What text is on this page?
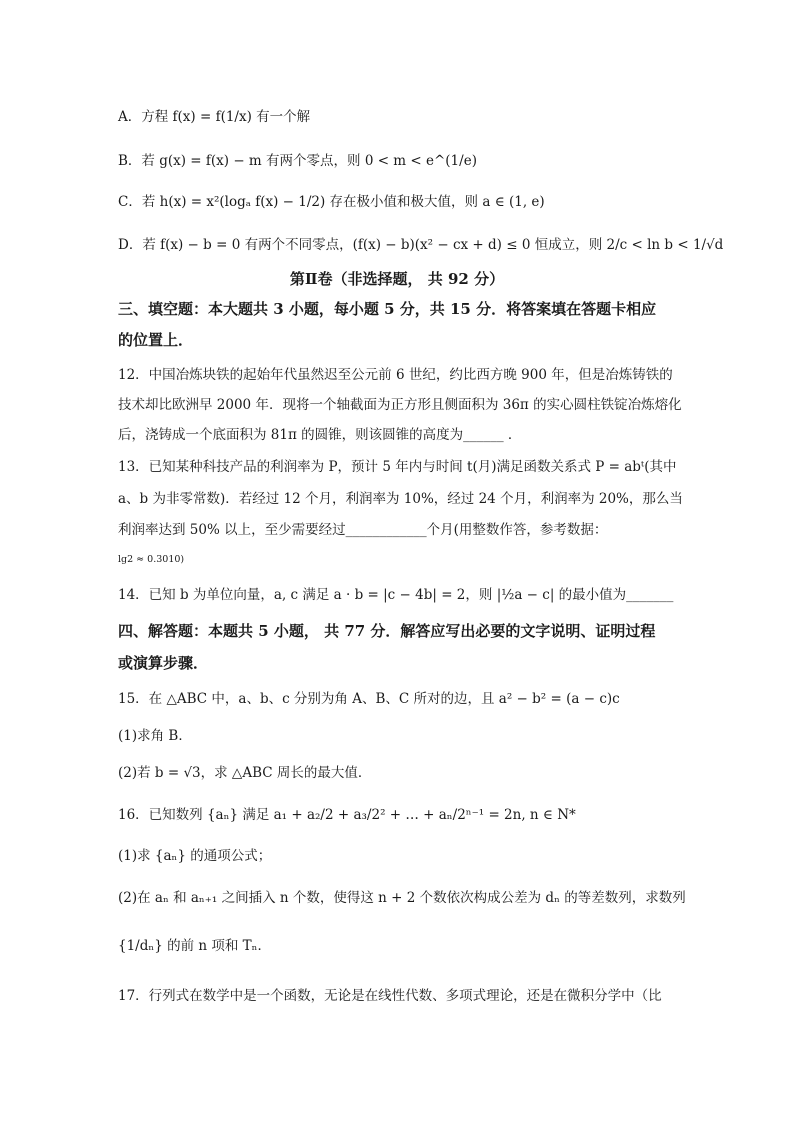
A．方程 f(x) = f(1/x) 有一个解
B．若 g(x) = f(x) − m 有两个零点，则 0 < m < e^(1/e)
C．若 h(x) = x²(logₐ f(x) − 1/2) 存在极小值和极大值，则 a ∈ (1, e)
D．若 f(x) − b = 0 有两个不同零点，(f(x) − b)(x² − cx + d) ≤ 0 恒成立，则 2/c < ln b < 1/√d
第Ⅱ卷（非选择题， 共 92 分）
三、填空题：本大题共 3 小题，每小题 5 分，共 15 分．将答案填在答题卡相应
的位置上．
12．中国冶炼块铁的起始年代虽然迟至公元前 6 世纪，约比西方晚 900 年，但是冶炼铸铁的
技术却比欧洲早 2000 年．现将一个轴截面为正方形且侧面积为 36π 的实心圆柱铁锭冶炼熔化
后，浇铸成一个底面积为 81π 的圆锥，则该圆锥的高度为______ ．
13．已知某种科技产品的利润率为 P，预计 5 年内与时间 t(月)满足函数关系式 P = abᵗ(其中
a、b 为非零常数)．若经过 12 个月，利润率为 10%，经过 24 个月，利润率为 20%，那么当
利润率达到 50% 以上，至少需要经过____________个月(用整数作答，参考数据：
lg2 ≈ 0.3010)
14．已知 b 为单位向量，a, c 满足 a · b = |c − 4b| = 2，则 |½a − c| 的最小值为_______
四、解答题：本题共 5 小题， 共 77 分．解答应写出必要的文字说明、证明过程
或演算步骤．
15．在 △ABC 中，a、b、c 分别为角 A、B、C 所对的边，且 a² − b² = (a − c)c
(1)求角 B．
(2)若 b = √3，求 △ABC 周长的最大值．
16．已知数列 {aₙ} 满足 a₁ + a₂/2 + a₃/2² + … + aₙ/2ⁿ⁻¹ = 2n, n ∈ N*
(1)求 {aₙ} 的通项公式；
(2)在 aₙ 和 aₙ₊₁ 之间插入 n 个数，使得这 n + 2 个数依次构成公差为 dₙ 的等差数列，求数列
{1/dₙ} 的前 n 项和 Tₙ．
17．行列式在数学中是一个函数，无论是在线性代数、多项式理论，还是在微积分学中（比
